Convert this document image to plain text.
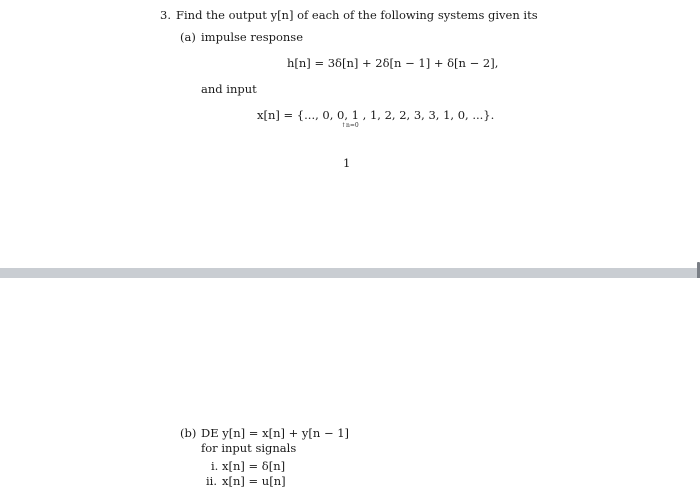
3. Find the output y[n] of each of the following systems given its
(a) impulse response
h[n] = 3δ[n] + 2δ[n − 1] + δ[n − 2],
and input
x[n] = {..., 0, 0, 1 , 1, 2, 2, 3, 3, 1, 0, ...}.
↑n=0
1
(b) DE y[n] = x[n] + y[n − 1]
for input signals
i. x[n] = δ[n]
ii. x[n] = u[n]
